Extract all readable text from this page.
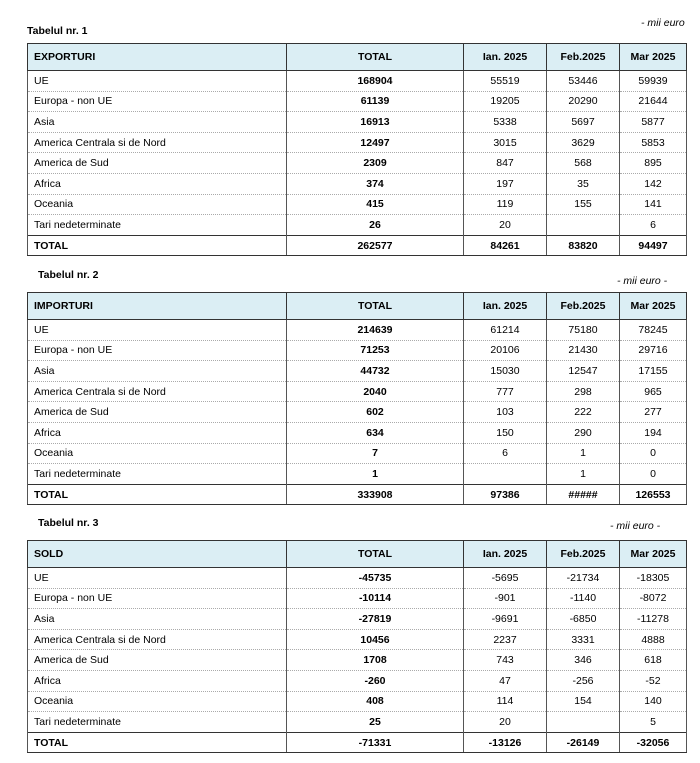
Tabelul nr. 1
- mii euro
EXPORTURI	TOTAL	Ian. 2025	Feb.2025	Mar 2025
UE	168904	55519	53446	59939
Europa - non UE	61139	19205	20290	21644
Asia	16913	5338	5697	5877
America Centrala si de Nord	12497	3015	3629	5853
America de Sud	2309	847	568	895
Africa	374	197	35	142
Oceania	415	119	155	141
Tari nedeterminate	26	20		6
TOTAL	262577	84261	83820	94497
Tabelul nr. 2	- mii euro -
IMPORTURI	TOTAL	Ian. 2025	Feb.2025	Mar 2025
UE	214639	61214	75180	78245
Europa - non UE	71253	20106	21430	29716
Asia	44732	15030	12547	17155
America Centrala si de Nord	2040	777	298	965
America de Sud	602	103	222	277
Africa	634	150	290	194
Oceania	7	6	1	0
Tari nedeterminate	1		1	0
TOTAL	333908	97386	#####	126553
Tabelul nr. 3	- mii euro -
SOLD	TOTAL	Ian. 2025	Feb.2025	Mar 2025
UE	-45735	-5695	-21734	-18305
Europa - non UE	-10114	-901	-1140	-8072
Asia	-27819	-9691	-6850	-11278
America Centrala si de Nord	10456	2237	3331	4888
America de Sud	1708	743	346	618
Africa	-260	47	-256	-52
Oceania	408	114	154	140
Tari nedeterminate	25	20		5
TOTAL	-71331	-13126	-26149	-32056
